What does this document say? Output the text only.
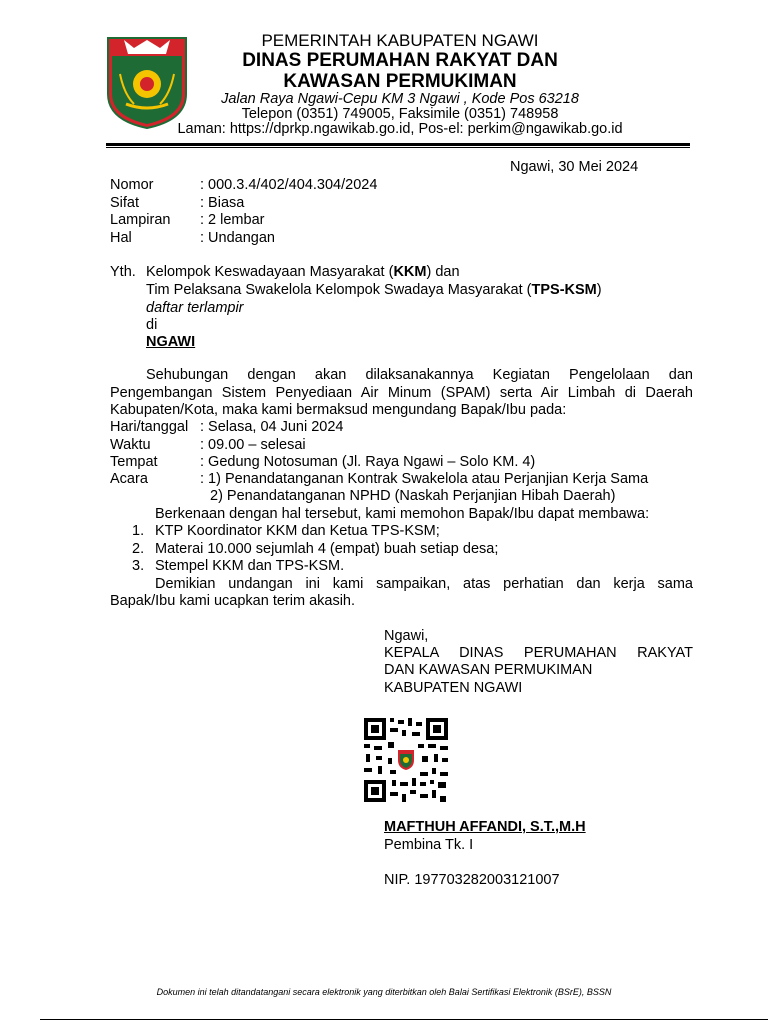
PEMERINTAH KABUPATEN NGAWI
DINAS PERUMAHAN RAKYAT DAN
KAWASAN PERMUKIMAN
Jalan Raya Ngawi-Cepu KM 3 Ngawi , Kode Pos 63218
Telepon (0351) 749005, Faksimile (0351) 748958
Laman: https://dprkp.ngawikab.go.id, Pos-el: perkim@ngawikab.go.id
Ngawi, 30 Mei 2024
Nomor	: 000.3.4/402/404.304/2024
Sifat	: Biasa
Lampiran : 2 lembar
Hal	: Undangan
Yth. Kelompok Keswadayaan Masyarakat (KKM) dan
Tim Pelaksana Swakelola Kelompok Swadaya Masyarakat (TPS-KSM)
daftar terlampir
di
NGAWI
Sehubungan dengan akan dilaksanakannya Kegiatan Pengelolaan dan
Pengembangan Sistem Penyediaan Air Minum (SPAM) serta Air Limbah di Daerah
Kabupaten/Kota, maka kami bermaksud mengundang Bapak/Ibu pada:
Hari/tanggal : Selasa, 04 Juni 2024
Waktu	: 09.00 – selesai
Tempat	: Gedung Notosuman (Jl. Raya Ngawi – Solo KM. 4)
Acara	: 1) Penandatanganan Kontrak Swakelola atau Perjanjian Kerja Sama
2) Penandatanganan NPHD (Naskah Perjanjian Hibah Daerah)
Berkenaan dengan hal tersebut, kami memohon Bapak/Ibu dapat membawa:
1. KTP Koordinator KKM dan Ketua TPS-KSM;
2. Materai 10.000 sejumlah 4 (empat) buah setiap desa;
3. Stempel KKM dan TPS-KSM.
Demikian undangan ini kami sampaikan, atas perhatian dan kerja sama
Bapak/Ibu kami ucapkan terim akasih.
Ngawi,
KEPALA DINAS PERUMAHAN RAKYAT
DAN KAWASAN PERMUKIMAN
KABUPATEN NGAWI
MAFTHUH AFFANDI, S.T.,M.H
Pembina Tk. I
NIP. 197703282003121007
Dokumen ini telah ditandatangani secara elektronik yang diterbitkan oleh Balai Sertifikasi Elektronik (BSrE), BSSN
